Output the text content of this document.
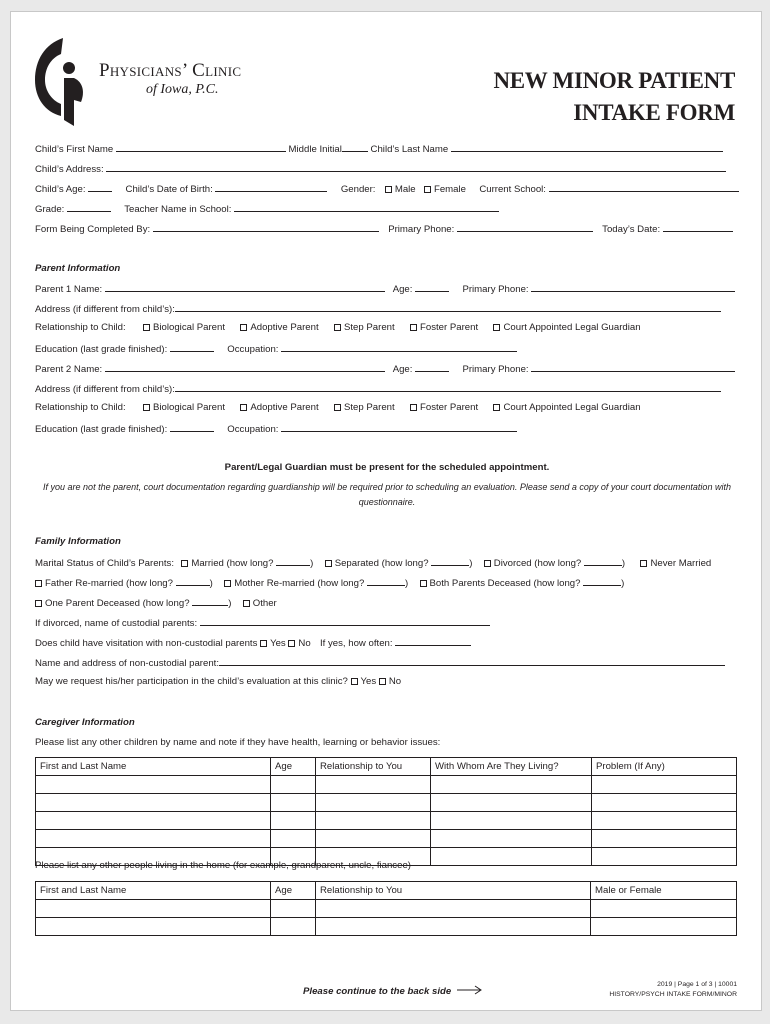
Physicians’ Clinic
of Iowa, P.C.	NEW MINOR PATIENT
INTAKE FORM
Child’s First Name	Middle Initial	Child’s Last Name
Child’s Address:
Child’s Age:	Child’s Date of Birth:	Gender: Male Female Current School:
Grade:	Teacher Name in School:
Form Being Completed By:	Primary Phone:	Today’s Date:
Parent Information
Parent 1 Name:	Age:	Primary Phone:
Address (if different from child’s):
Relationship to Child:	Biological Parent	Adoptive Parent	Step Parent	Foster Parent	Court Appointed Legal Guardian
Education (last grade finished):	Occupation:
Parent 2 Name:	Age:	Primary Phone:
Address (if different from child’s):
Relationship to Child:	Biological Parent	Adoptive Parent	Step Parent	Foster Parent	Court Appointed Legal Guardian
Education (last grade finished):	Occupation:
Parent/Legal Guardian must be present for the scheduled appointment.
If you are not the parent, court documentation regarding guardianship will be required prior to scheduling an evaluation. Please send a copy of your court documentation with questionnaire.
Family Information
Marital Status of Child’s Parents: Married (how long?	)  Separated (how long?	)  Divorced (how long?	)  Never Married
Father Re-married (how long?	)  Mother Re-married (how long?	)  Both Parents Deceased (how long?	)
One Parent Deceased (how long?	)  Other
If divorced, name of custodial parents:
Does child have visitation with non-custodial parents Yes No If yes, how often:
Name and address of non-custodial parent:
May we request his/her participation in the child’s evaluation at this clinic? Yes No
Caregiver Information
Please list any other children by name and note if they have health, learning or behavior issues:
First and Last Name	Age	Relationship to You	With Whom Are They Living?	Problem (If Any)

Please list any other people living in the home (for example, grandparent, uncle, fiancee)
First and Last Name	Age	Relationship to You	Male or Female

Please continue to the back side
2019 | Page 1 of 3 | 10001
HISTORY/PSYCH INTAKE FORM/MINOR
